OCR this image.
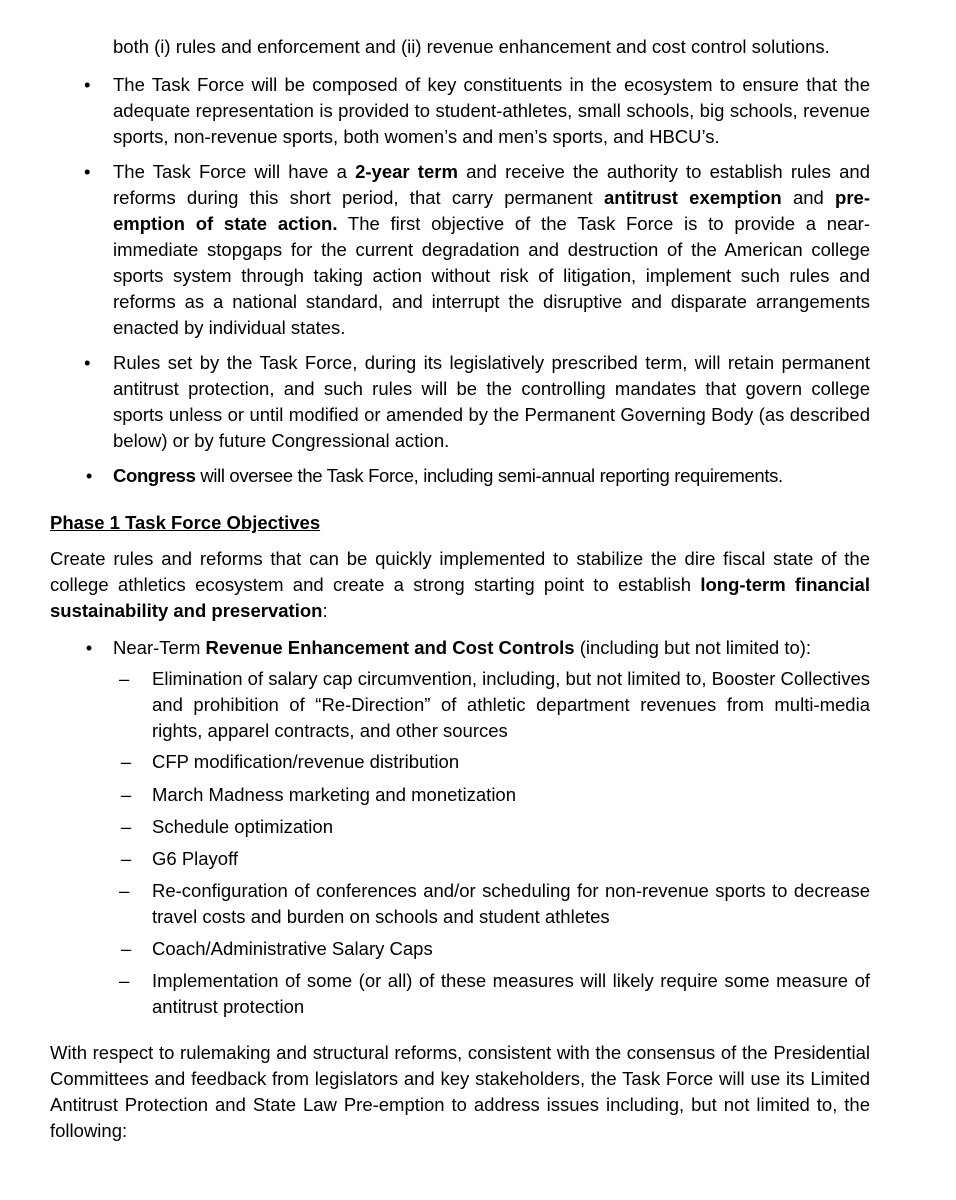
both (i) rules and enforcement and (ii) revenue enhancement and cost control solutions.

• The Task Force will be composed of key constituents in the ecosystem to ensure that the adequate representation is provided to student-athletes, small schools, big schools, revenue sports, non-revenue sports, both women’s and men’s sports, and HBCU’s.
• The Task Force will have a 2-year term and receive the authority to establish rules and reforms during this short period, that carry permanent antitrust exemption and pre-emption of state action. The first objective of the Task Force is to provide a near-immediate stopgaps for the current degradation and destruction of the American college sports system through taking action without risk of litigation, implement such rules and reforms as a national standard, and interrupt the disruptive and disparate arrangements enacted by individual states.
• Rules set by the Task Force, during its legislatively prescribed term, will retain permanent antitrust protection, and such rules will be the controlling mandates that govern college sports unless or until modified or amended by the Permanent Governing Body (as described below) or by future Congressional action.
• Congress will oversee the Task Force, including semi-annual reporting requirements.
Phase 1 Task Force Objectives

Create rules and reforms that can be quickly implemented to stabilize the dire fiscal state of the college athletics ecosystem and create a strong starting point to establish long-term financial sustainability and preservation:

• Near-Term Revenue Enhancement and Cost Controls (including but not limited to):
– Elimination of salary cap circumvention, including, but not limited to, Booster Collectives and prohibition of “Re-Direction” of athletic department revenues from multi-media rights, apparel contracts, and other sources
– CFP modification/revenue distribution
– March Madness marketing and monetization
– Schedule optimization
– G6 Playoff
– Re-configuration of conferences and/or scheduling for non-revenue sports to decrease travel costs and burden on schools and student athletes
– Coach/Administrative Salary Caps
– Implementation of some (or all) of these measures will likely require some measure of antitrust protection

With respect to rulemaking and structural reforms, consistent with the consensus of the Presidential Committees and feedback from legislators and key stakeholders, the Task Force will use its Limited Antitrust Protection and State Law Pre-emption to address issues including, but not limited to, the following:
